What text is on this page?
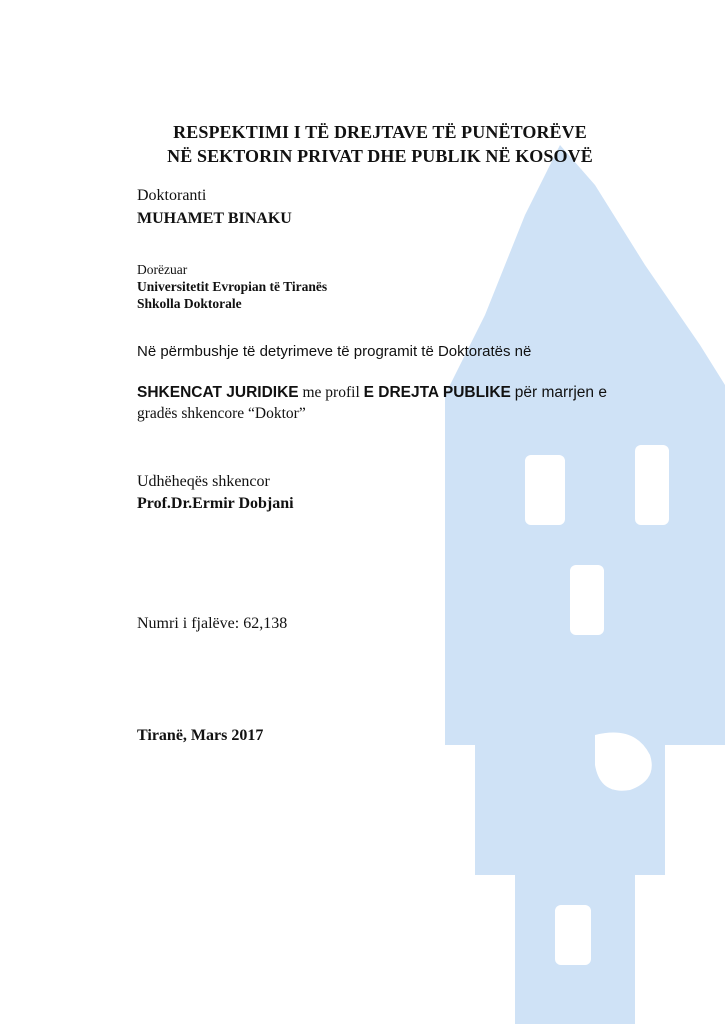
RESPEKTIMI I TË DREJTAVE TË PUNËTORËVE
NË SEKTORIN PRIVAT DHE PUBLIK NË KOSOVË
Doktoranti
MUHAMET BINAKU
Dorëzuar
Universitetit Evropian të Tiranës
Shkolla Doktorale
Në përmbushje të detyrimeve të programit të Doktoratës në
SHKENCAT JURIDIKE me profil E DREJTA PUBLIKE për marrjen e
gradës shkencore “Doktor”
Udhëheqës shkencor
Prof.Dr.Ermir Dobjani
Numri i fjalëve: 62,138
Tiranë, Mars 2017
